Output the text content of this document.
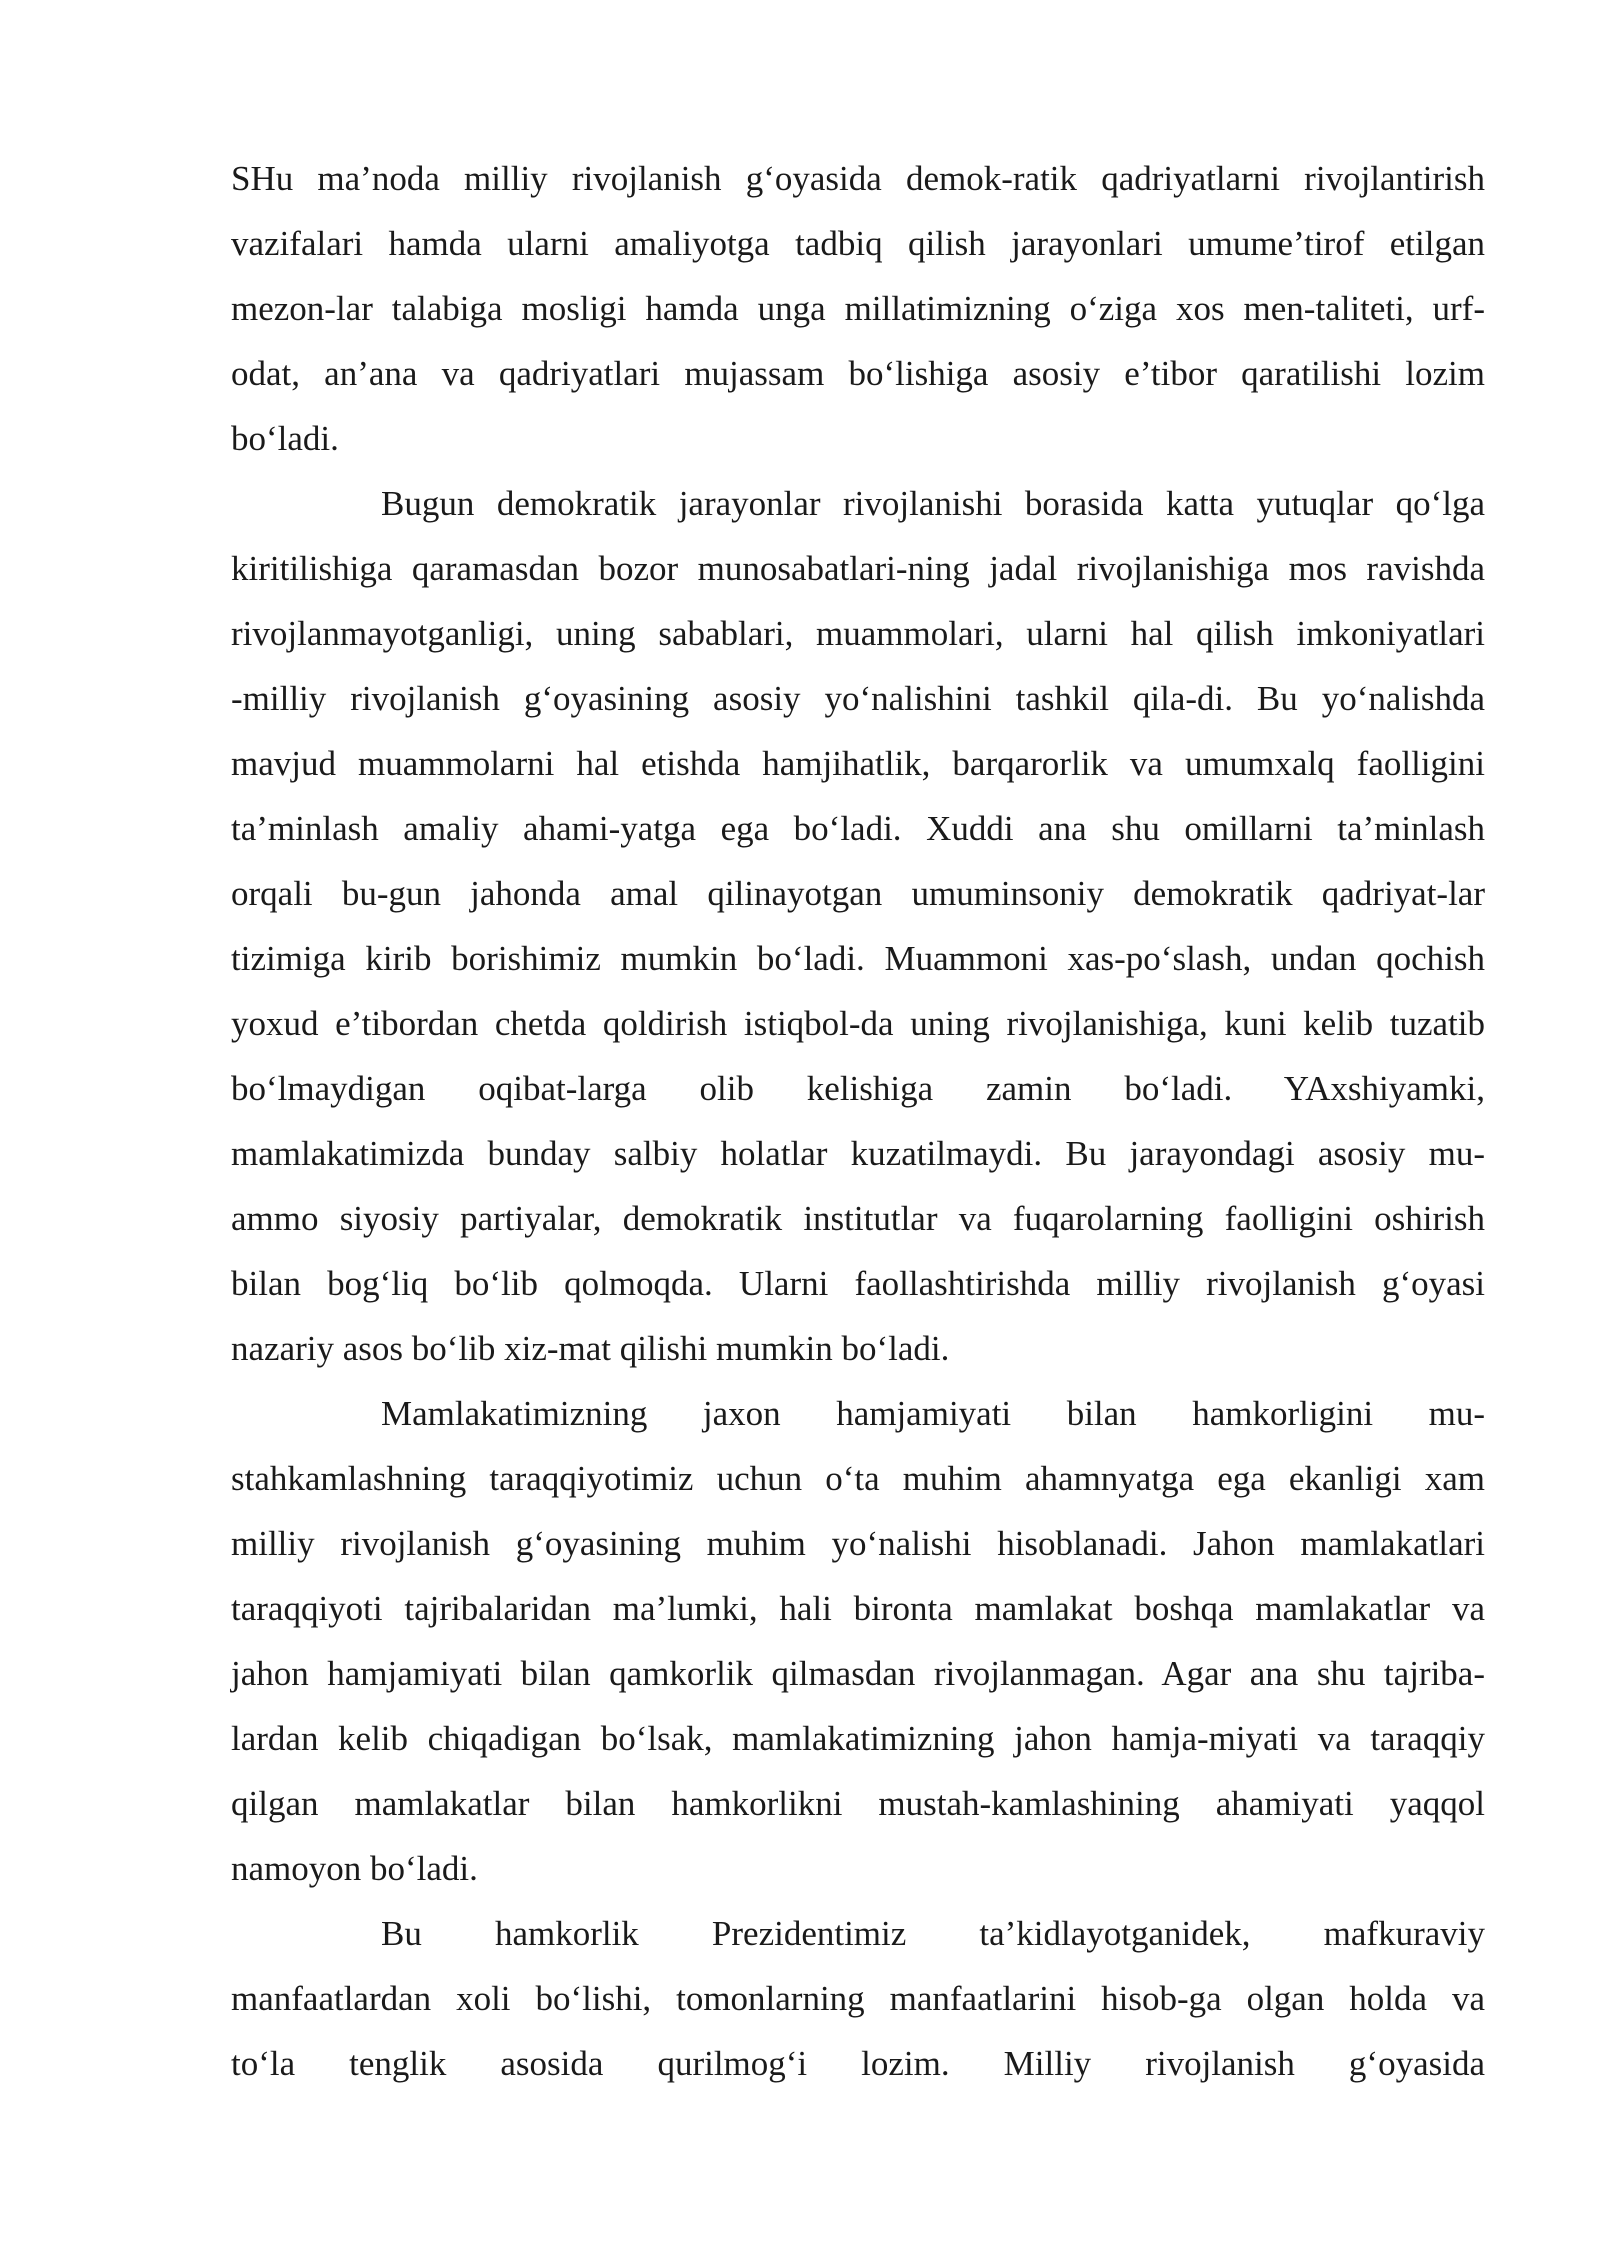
SHu ma’noda milliy rivojlanish g‘oyasida demok-ratik qadriyatlarni rivojlantirish
vazifalari hamda ularni amaliyotga tadbiq qilish jarayonlari umume’tirof etilgan
mezon-lar talabiga mosligi hamda unga millatimizning o‘ziga xos men-taliteti, urf-
odat, an’ana va qadriyatlari mujassam bo‘lishiga asosiy e’tibor qaratilishi lozim
bo‘ladi.
Bugun demokratik jarayonlar rivojlanishi borasida katta yutuqlar qo‘lga
kiritilishiga qaramasdan bozor munosabatlari-ning jadal rivojlanishiga mos ravishda
rivojlanmayotganligi, uning sabablari, muammolari, ularni hal qilish imkoniyatlari
-milliy rivojlanish g‘oyasining asosiy yo‘nalishini tashkil qila-di. Bu yo‘nalishda
mavjud muammolarni hal etishda hamjihatlik, barqarorlik va umumxalq faolligini
ta’minlash amaliy ahami-yatga ega bo‘ladi. Xuddi ana shu omillarni ta’minlash
orqali bu-gun jahonda amal qilinayotgan umuminsoniy demokratik qadriyat-lar
tizimiga kirib borishimiz mumkin bo‘ladi. Muammoni xas-po‘slash, undan qochish
yoxud e’tibordan chetda qoldirish istiqbol-da uning rivojlanishiga, kuni kelib tuzatib
bo‘lmaydigan oqibat-larga olib kelishiga zamin bo‘ladi. YAxshiyamki,
mamlakatimizda bunday salbiy holatlar kuzatilmaydi. Bu jarayondagi asosiy mu-
ammo siyosiy partiyalar, demokratik institutlar va fuqarolarning faolligini oshirish
bilan bog‘liq bo‘lib qolmoqda. Ularni faollashtirishda milliy rivojlanish g‘oyasi
nazariy asos bo‘lib xiz-mat qilishi mumkin bo‘ladi.
Mamlakatimizning jaxon hamjamiyati bilan hamkorligini mu-
stahkamlashning taraqqiyotimiz uchun o‘ta muhim ahamnyatga ega ekanligi xam
milliy rivojlanish g‘oyasining muhim yo‘nalishi hisoblanadi. Jahon mamlakatlari
taraqqiyoti tajribalaridan ma’lumki, hali bironta mamlakat boshqa mamlakatlar va
jahon hamjamiyati bilan qamkorlik qilmasdan rivojlanmagan. Agar ana shu tajriba-
lardan kelib chiqadigan bo‘lsak, mamlakatimizning jahon hamja-miyati va taraqqiy
qilgan mamlakatlar bilan hamkorlikni mustah-kamlashining ahamiyati yaqqol
namoyon bo‘ladi.
Bu hamkorlik Prezidentimiz ta’kidlayotganidek, mafkuraviy
manfaatlardan xoli bo‘lishi, tomonlarning manfaatlarini hisob-ga olgan holda va
to‘la tenglik asosida qurilmog‘i lozim. Milliy rivojlanish g‘oyasida
